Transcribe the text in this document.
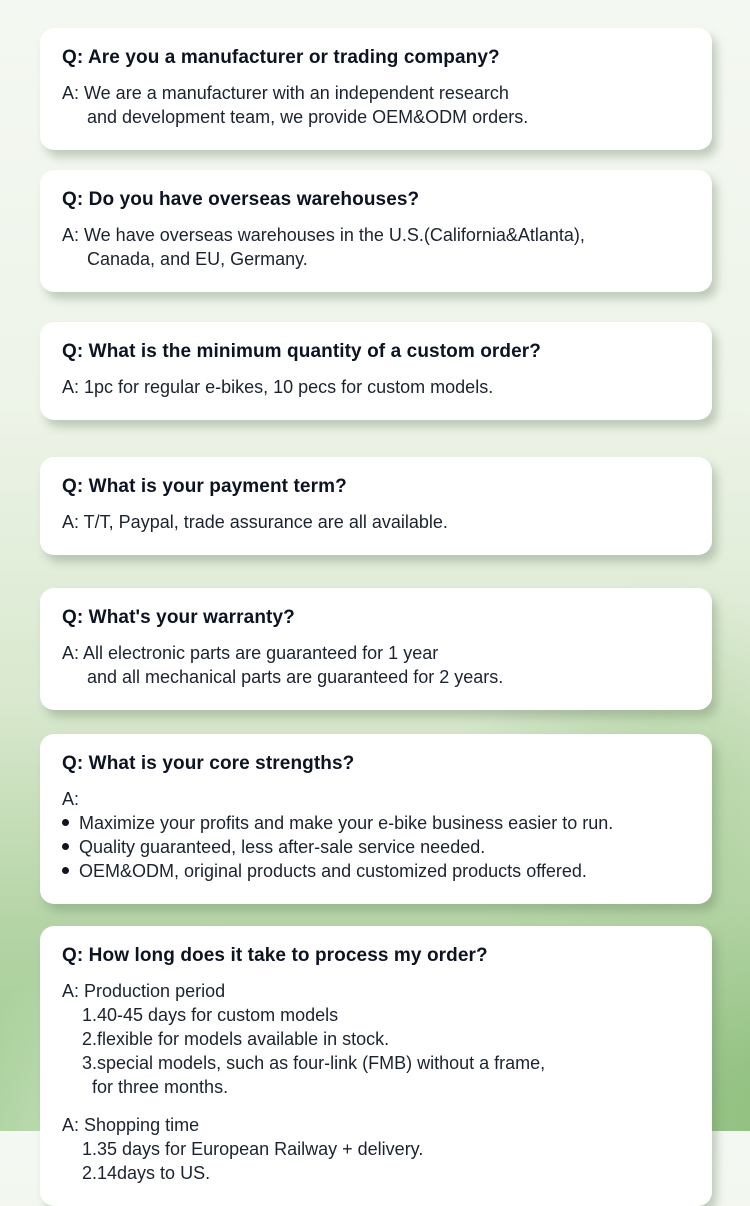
Q: Are you a manufacturer or trading company?

A: We are a manufacturer with an independent research

and development team, we provide OEM&ODM orders.

Q: Do you have overseas warehouses?

A: We have overseas warehouses in the U.S.(California&Atlanta),

Canada, and EU, Germany.

Q: What is the minimum quantity of a custom order?

A: 1pc for regular e-bikes, 10 pecs for custom models.

Q: What is your payment term?

A: T/T, Paypal, trade assurance are all available.

Q: What's your warranty?

A: All electronic parts are guaranteed for 1 year

and all mechanical parts are guaranteed for 2 years.

Q: What is your core strengths?

A:

Maximize your profits and make your e-bike business easier to run.
Quality guaranteed, less after-sale service needed.
OEM&ODM, original products and customized products offered.
Q: How long does it take to process my order?

A: Production period

1.40-45 days for custom models

2.flexible for models available in stock.

3.special models, such as four-link (FMB) without a frame,

for three months.

A: Shopping time

1.35 days for European Railway + delivery.

2.14days to US.
